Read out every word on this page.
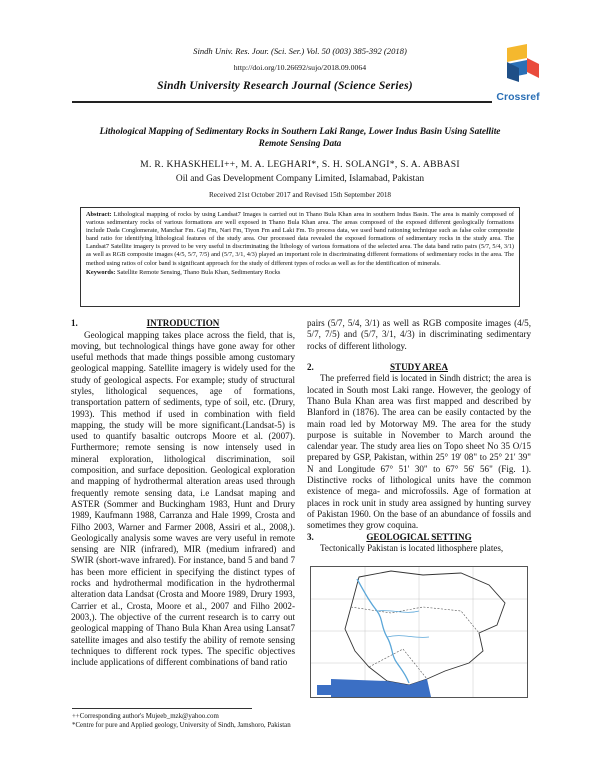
Sindh Univ. Res. Jour. (Sci. Ser.) Vol. 50 (003) 385-392 (2018)
http://doi.org/10.26692/sujo/2018.09.0064
Sindh University Research Journal (Science Series)
Crossref
Lithological Mapping of Sedimentary Rocks in Southern Laki Range, Lower Indus Basin Using Satellite
Remote Sensing Data
M. R. KHASKHELI++, M. A. LEGHARI*, S. H. SOLANGI*, S. A. ABBASI
Oil and Gas Development Company Limited, Islamabad, Pakistan
Received 21st October 2017 and Revised 15th September 2018
Abstract: Lithological mapping of rocks by using Landsat7 Images is carried out in Thano Bula Khan area in southern Indus Basin. The area is mainly composed of various sedimentary rocks of various formations are well exposed in Thano Bula Khan area. The areas composed of the exposed different geologically formations include Dada Conglomerate, Manchar Fm. Gaj Fm, Nari Fm, Tiyon Fm and Laki Fm. To process data, we used band rationing technique such as false color composite band ratio for identifying lithological features of the study area. Our processed data revealed the exposed formations of sedimentary rocks in the study area. The Landsat7 Satellite imagery is proved to be very useful in discriminating the lithology of various formations of the selected area. The data band ratio pairs (5/7, 5/4, 3/1) as well as RGB composite images (4/5, 5/7, 7/5) and (5/7, 3/1, 4/3) played an important role in discriminating different formations of sedimentary rocks in the area. The method using ratios of color band is significant approach for the study of different types of rocks as well as for the identification of minerals.
Keywords: Satellite Remote Sensing, Thano Bula Khan, Sedimentary Rocks
1.	INTRODUCTION

Geological mapping takes place across the field, that is, moving, but technological things have gone away for other useful methods that made things possible among customary geological mapping. Satellite imagery is widely used for the study of geological aspects. For example; study of structural styles, lithological sequences, age of formations, transportation pattern of sediments, type of soil, etc. (Drury, 1993). This method if used in combination with field mapping, the study will be more significant.(Landsat-5) is used to quantify basaltic outcrops Moore et al. (2007). Furthermore; remote sensing is now intensely used in mineral exploration, lithological discrimination, soil composition, and surface deposition. Geological exploration and mapping of hydrothermal alteration areas used through frequently remote sensing data, i.e Landsat maping and ASTER (Sommer and Buckingham 1983, Hunt and Drury 1989, Kaufmann 1988, Carranza and Hale 1999, Crosta and Filho 2003, Warner and Farmer 2008, Assiri et al., 2008,). Geologically analysis some waves are very useful in remote sensing are NIR (infrared), MIR (medium infrared) and SWIR (short-wave infrared). For instance, band 5 and band 7 has been more efficient in specifying the distinct types of rocks and hydrothermal modification in the hydrothermal alteration data Landsat (Crosta and Moore 1989, Drury 1993, Carrier et al., Crosta, Moore et al., 2007 and Filho 2002-2003,). The objective of the current research is to carry out geological mapping of Thano Bula Khan Area using Lansat7 satellite images and also testify the ability of remote sensing techniques to different rock types. The specific objectives include applications of different combinations of band ratio

pairs (5/7, 5/4, 3/1) as well as RGB composite images (4/5, 5/7, 7/5) and (5/7, 3/1, 4/3) in discriminating sedimentary rocks of different lithology.

2.	STUDY AREA

The preferred field is located in Sindh district; the area is located in South most Laki range. However, the geology of Thano Bula Khan area was first mapped and described by Blanford in (1876). The area can be easily contacted by the main road led by Motorway M9. The area for the study purpose is suitable in November to March around the calendar year. The study area lies on Topo sheet No 35 O/15 prepared by GSP, Pakistan, within 25° 19' 08" to 25° 21' 39" N and Longitude 67° 51' 30" to 67° 56' 56" (Fig. 1). Distinctive rocks of lithological units have the common existence of mega- and microfossils. Age of formation at places in rock unit in study area assigned by hunting survey of Pakistan 1960. On the base of an abundance of fossils and sometimes they grow coquina.

3.	GEOLOGICAL SETTING

Tectonically Pakistan is located lithosphere plates,

++Corresponding author's Mujeeb_mzk@yahoo.com
*Centre for pure and Applied geology, University of Sindh, Jamshoro, Pakistan
